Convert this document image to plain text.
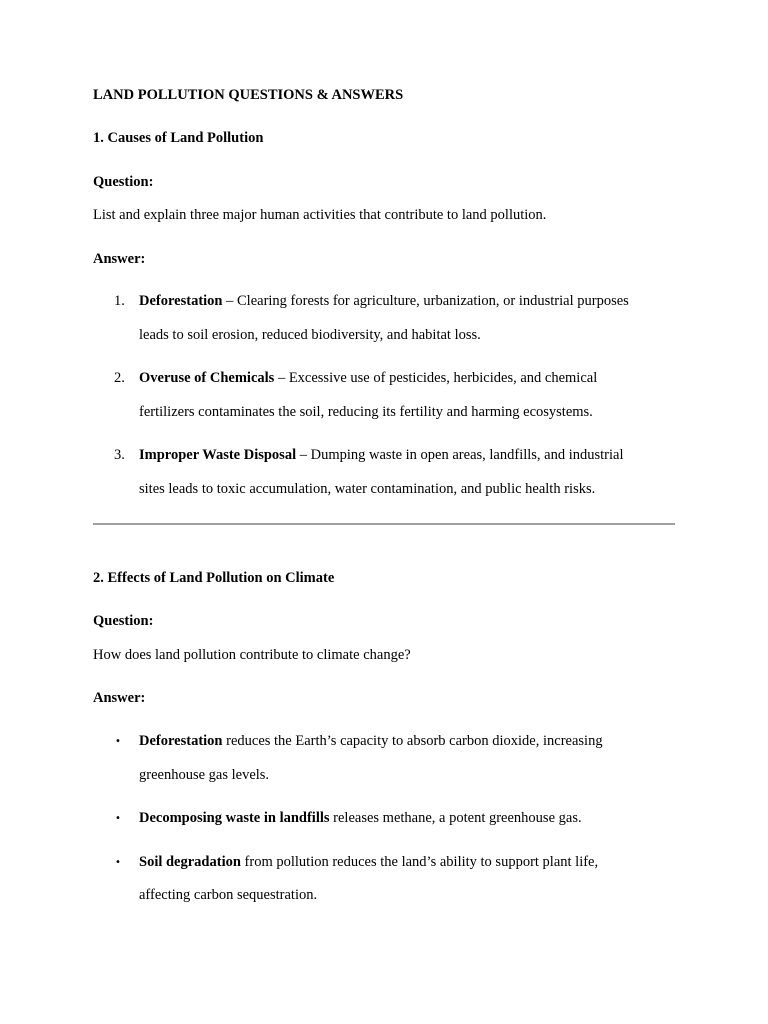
LAND POLLUTION QUESTIONS & ANSWERS
1. Causes of Land Pollution
Question:
List and explain three major human activities that contribute to land pollution.
Answer:
1. Deforestation – Clearing forests for agriculture, urbanization, or industrial purposes
leads to soil erosion, reduced biodiversity, and habitat loss.
2. Overuse of Chemicals – Excessive use of pesticides, herbicides, and chemical
fertilizers contaminates the soil, reducing its fertility and harming ecosystems.
3. Improper Waste Disposal – Dumping waste in open areas, landfills, and industrial
sites leads to toxic accumulation, water contamination, and public health risks.
2. Effects of Land Pollution on Climate
Question:
How does land pollution contribute to climate change?
Answer:
• Deforestation reduces the Earth’s capacity to absorb carbon dioxide, increasing
greenhouse gas levels.
• Decomposing waste in landfills releases methane, a potent greenhouse gas.
• Soil degradation from pollution reduces the land’s ability to support plant life,
affecting carbon sequestration.
